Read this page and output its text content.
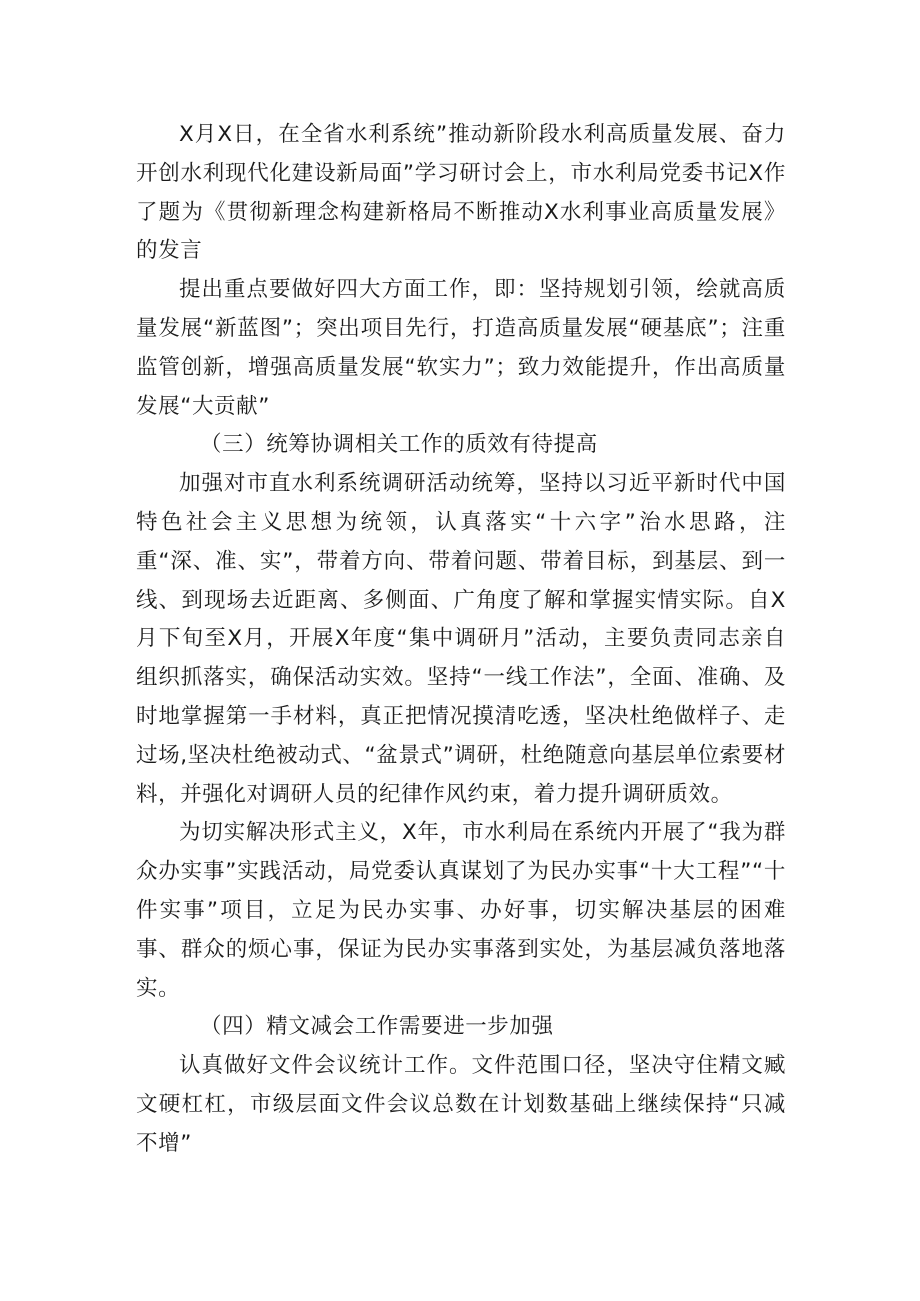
X月X日，在全省水利系统”推动新阶段水利高质量发展、奋力开创水利现代化建设新局面”学习研讨会上，市水利局党委书记X作了题为《贯彻新理念构建新格局不断推动X水利事业高质量发展》的发言

提出重点要做好四大方面工作，即：坚持规划引领，绘就高质量发展“新蓝图”；突出项目先行，打造高质量发展“硬基底”；注重监管创新，增强高质量发展“软实力”；致力效能提升，作出高质量发展“大贡献”

（三）统筹协调相关工作的质效有待提高

加强对市直水利系统调研活动统筹，坚持以习近平新时代中国特色社会主义思想为统领，认真落实“十六字”治水思路，注重“深、准、实”，带着方向、带着问题、带着目标，到基层、到一线、到现场去近距离、多侧面、广角度了解和掌握实情实际。自X月下旬至X月，开展X年度“集中调研月”活动，主要负责同志亲自组织抓落实，确保活动实效。坚持“一线工作法”，全面、准确、及时地掌握第一手材料，真正把情况摸清吃透，坚决杜绝做样子、走过场,坚决杜绝被动式、“盆景式”调研，杜绝随意向基层单位索要材料，并强化对调研人员的纪律作风约束，着力提升调研质效。

为切实解决形式主义，X年，市水利局在系统内开展了“我为群众办实事”实践活动，局党委认真谋划了为民办实事“十大工程”“十件实事”项目，立足为民办实事、办好事，切实解决基层的困难事、群众的烦心事，保证为民办实事落到实处，为基层减负落地落实。

（四）精文减会工作需要进一步加强

认真做好文件会议统计工作。文件范围口径，坚决守住精文臧文硬杠杠，市级层面文件会议总数在计划数基础上继续保持“只减不增”
